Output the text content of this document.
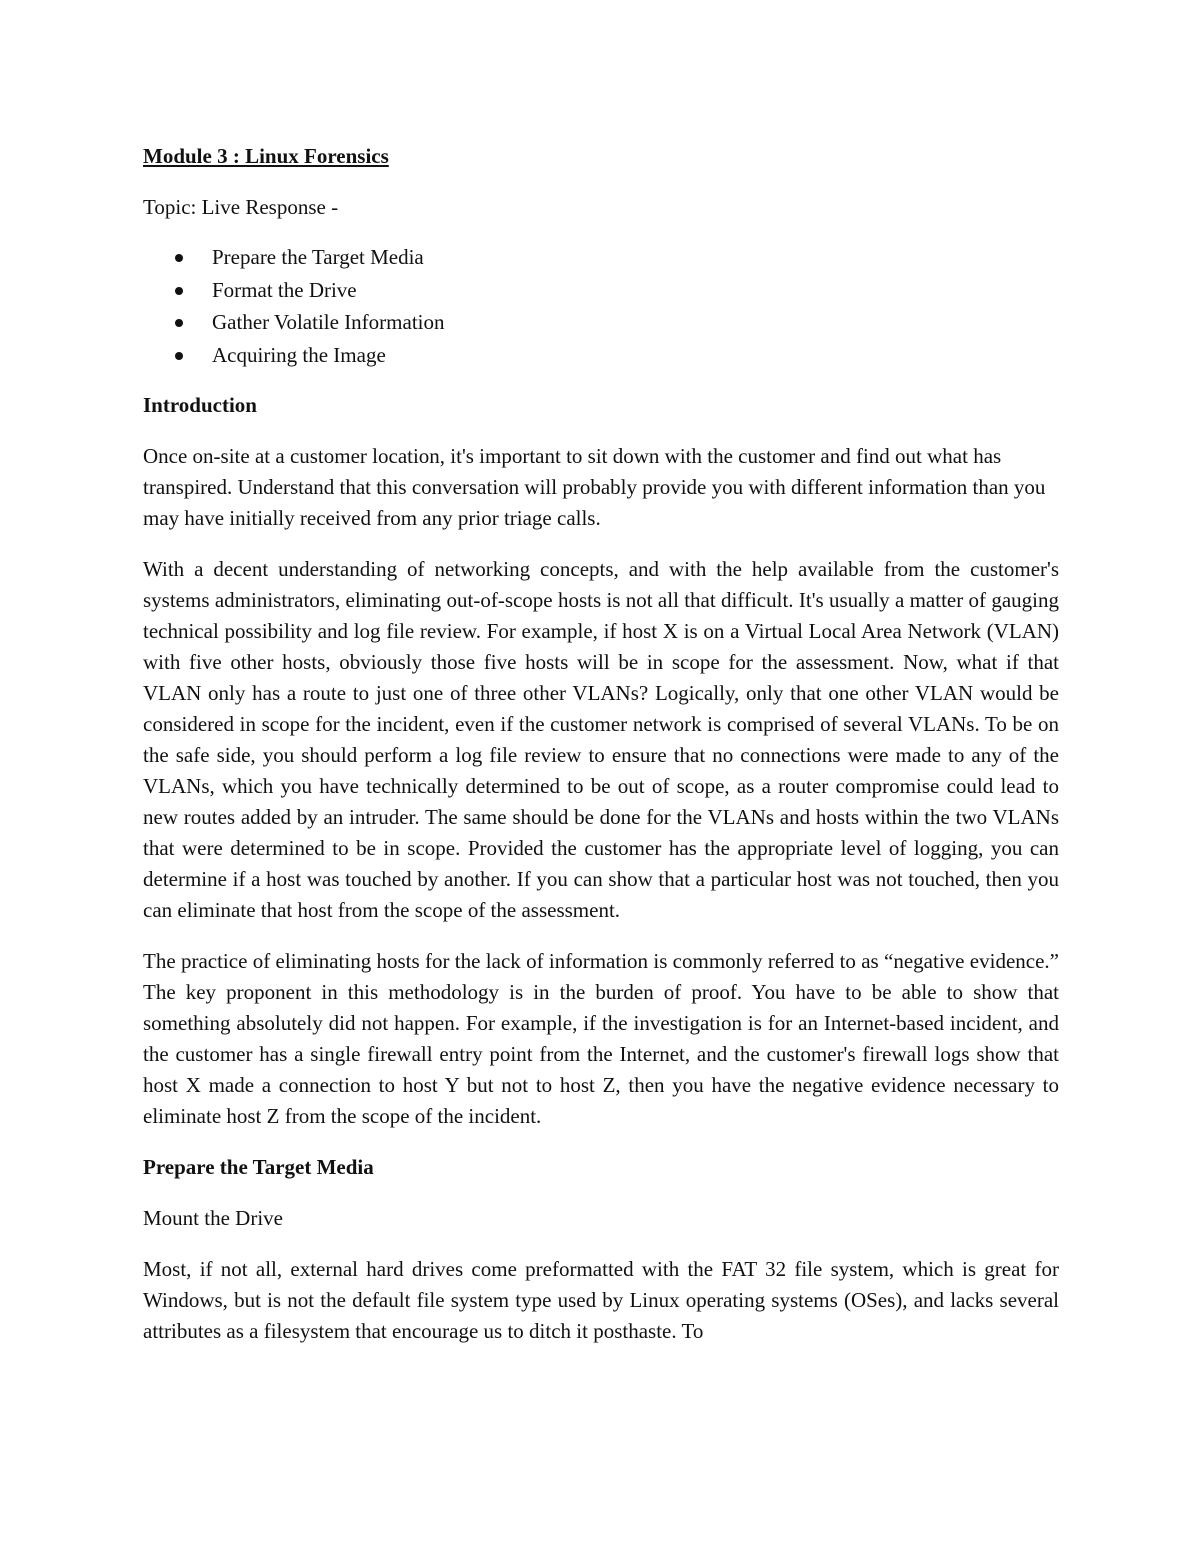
Module 3 : Linux Forensics

Topic: Live Response -

Prepare the Target Media
Format the Drive
Gather Volatile Information
Acquiring the Image

Introduction

Once on-site at a customer location, it's important to sit down with the customer and find out what has transpired. Understand that this conversation will probably provide you with different information than you may have initially received from any prior triage calls.

With a decent understanding of networking concepts, and with the help available from the customer's systems administrators, eliminating out-of-scope hosts is not all that difficult. It's usually a matter of gauging technical possibility and log file review. For example, if host X is on a Virtual Local Area Network (VLAN) with five other hosts, obviously those five hosts will be in scope for the assessment. Now, what if that VLAN only has a route to just one of three other VLANs? Logically, only that one other VLAN would be considered in scope for the incident, even if the customer network is comprised of several VLANs. To be on the safe side, you should perform a log file review to ensure that no connections were made to any of the VLANs, which you have technically determined to be out of scope, as a router compromise could lead to new routes added by an intruder. The same should be done for the VLANs and hosts within the two VLANs that were determined to be in scope. Provided the customer has the appropriate level of logging, you can determine if a host was touched by another. If you can show that a particular host was not touched, then you can eliminate that host from the scope of the assessment.

The practice of eliminating hosts for the lack of information is commonly referred to as “negative evidence.” The key proponent in this methodology is in the burden of proof. You have to be able to show that something absolutely did not happen. For example, if the investigation is for an Internet-based incident, and the customer has a single firewall entry point from the Internet, and the customer's firewall logs show that host X made a connection to host Y but not to host Z, then you have the negative evidence necessary to eliminate host Z from the scope of the incident.

Prepare the Target Media

Mount the Drive

Most, if not all, external hard drives come preformatted with the FAT 32 file system, which is great for Windows, but is not the default file system type used by Linux operating systems (OSes), and lacks several attributes as a filesystem that encourage us to ditch it posthaste. To
